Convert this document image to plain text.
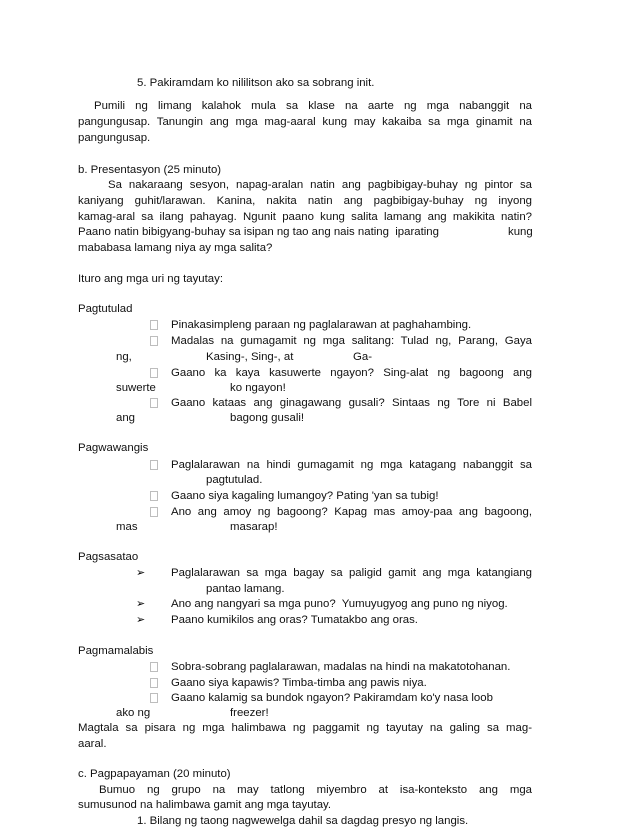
5. Pakiramdam ko nililitson ako sa sobrang init.
Pumili ng limang kalahok mula sa klase na aarte ng mga nabanggit na
pangungusap. Tanungin ang mga mag-aaral kung may kakaiba sa mga ginamit na
pangungusap.
b. Presentasyon (25 minuto)
Sa nakaraang sesyon, napag-aralan natin ang pagbibigay-buhay ng pintor sa
kaniyang guhit/larawan. Kanina, nakita natin ang pagbibigay-buhay ng inyong
kamag-aral sa ilang pahayag. Ngunit paano kung salita lamang ang makikita natin?
Paano natin bibigyang-buhay sa isipan ng tao ang nais nating  iparating	kung
mababasa lamang niya ay mga salita?
Ituro ang mga uri ng tayutay:
Pagtutulad
Pinakasimpleng paraan ng paglalarawan at paghahambing.
Madalas na gumagamit ng mga salitang: Tulad ng, Parang, Gaya
ng,	Kasing-, Sing-, at	Ga-
Gaano ka kaya kasuwerte ngayon? Sing-alat ng bagoong ang
suwerte	ko ngayon!
Gaano kataas ang ginagawang gusali? Sintaas ng Tore ni Babel
ang	bagong gusali!
Pagwawangis
Paglalarawan na hindi gumagamit ng mga katagang nabanggit sa
pagtutulad.
Gaano siya kagaling lumangoy? Pating 'yan sa tubig!
Ano ang amoy ng bagoong? Kapag mas amoy-paa ang bagoong,
mas	masarap!
Pagsasatao
➢ Paglalarawan sa mga bagay sa paligid gamit ang mga katangiang
pantao lamang.
➢ Ano ang nangyari sa mga puno?  Yumuyugyog ang puno ng niyog.
➢ Paano kumikilos ang oras? Tumatakbo ang oras.
Pagmamalabis
Sobra-sobrang paglalarawan, madalas na hindi na makatotohanan.
Gaano siya kapawis? Timba-timba ang pawis niya.
Gaano kalamig sa bundok ngayon? Pakiramdam ko'y nasa loob
ako ng	freezer!
Magtala sa pisara ng mga halimbawa ng paggamit ng tayutay na galing sa mag-
aaral.
c. Pagpapayaman (20 minuto)
Bumuo ng grupo na may tatlong miyembro at isa-konteksto ang mga
sumusunod na halimbawa gamit ang mga tayutay.
1. Bilang ng taong nagwewelga dahil sa dagdag presyo ng langis.
